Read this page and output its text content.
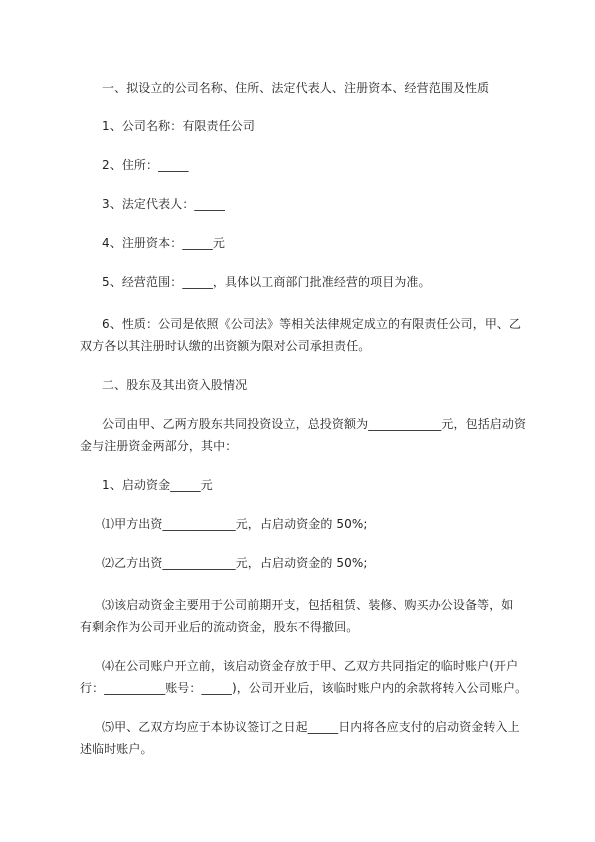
一、拟设立的公司名称、住所、法定代表人、注册资本、经营范围及性质
1、公司名称：有限责任公司
2、住所：_____
3、法定代表人：_____
4、注册资本：_____元
5、经营范围：_____，具体以工商部门批准经营的项目为准。
6、性质：公司是依照《公司法》等相关法律规定成立的有限责任公司，甲、乙
双方各以其注册时认缴的出资额为限对公司承担责任。
二、股东及其出资入股情况
公司由甲、乙两方股东共同投资设立，总投资额为____________元，包括启动资
金与注册资金两部分，其中：
1、启动资金_____元
⑴甲方出资____________元，占启动资金的 50%;
⑵乙方出资____________元，占启动资金的 50%;
⑶该启动资金主要用于公司前期开支，包括租赁、装修、购买办公设备等，如
有剩余作为公司开业后的流动资金，股东不得撤回。
⑷在公司账户开立前，该启动资金存放于甲、乙双方共同指定的临时账户(开户
行：__________账号：_____)，公司开业后，该临时账户内的余款将转入公司账户。
⑸甲、乙双方均应于本协议签订之日起_____日内将各应支付的启动资金转入上
述临时账户。
